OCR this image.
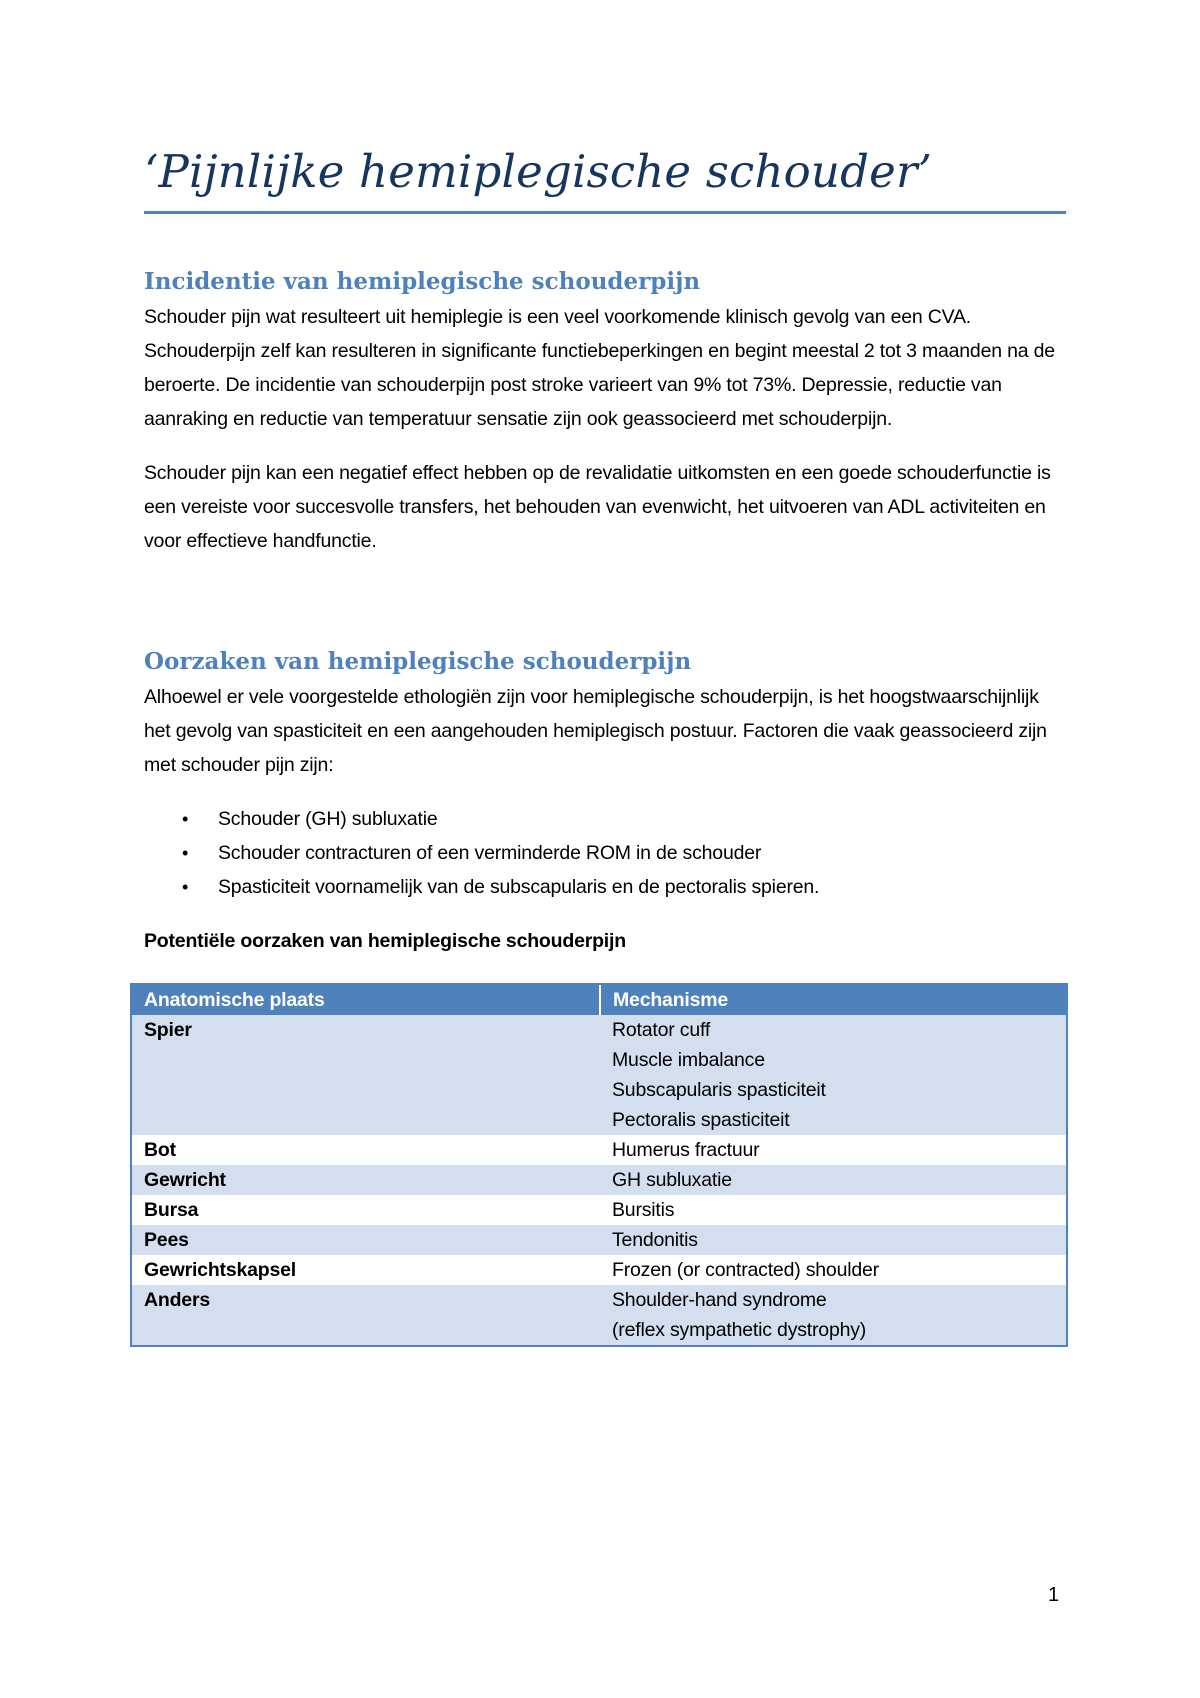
‘Pijnlijke hemiplegische schouder’
Incidentie van hemiplegische schouderpijn

Schouder pijn wat resulteert uit hemiplegie is een veel voorkomende klinisch gevolg van een CVA. Schouderpijn zelf kan resulteren in significante functiebeperkingen en begint meestal 2 tot 3 maanden na de beroerte. De incidentie van schouderpijn post stroke varieert van 9% tot 73%. Depressie, reductie van aanraking en reductie van temperatuur sensatie zijn ook geassocieerd met schouderpijn.

Schouder pijn kan een negatief effect hebben op de revalidatie uitkomsten en een goede schouderfunctie is een vereiste voor succesvolle transfers, het behouden van evenwicht, het uitvoeren van ADL activiteiten en voor effectieve handfunctie.

Oorzaken van hemiplegische schouderpijn

Alhoewel er vele voorgestelde ethologiën zijn voor hemiplegische schouderpijn, is het hoogstwaarschijnlijk het gevolg van spasticiteit en een aangehouden hemiplegisch postuur. Factoren die vaak geassocieerd zijn met schouder pijn zijn:

• Schouder (GH) subluxatie
• Schouder contracturen of een verminderde ROM in de schouder
• Spasticiteit voornamelijk van de subscapularis en de pectoralis spieren.

Potentiële oorzaken van hemiplegische schouderpijn

Anatomische plaats	Mechanisme
Spier	Rotator cuff
Muscle imbalance
Subscapularis spasticiteit
Pectoralis spasticiteit

Bot	Humerus fractuur

Gewricht	GH subluxatie

Bursa	Bursitis

Pees	Tendonitis

Gewrichtskapsel	Frozen (or contracted) shoulder

Anders	Shoulder-hand syndrome
(reflex sympathetic dystrophy)
1
